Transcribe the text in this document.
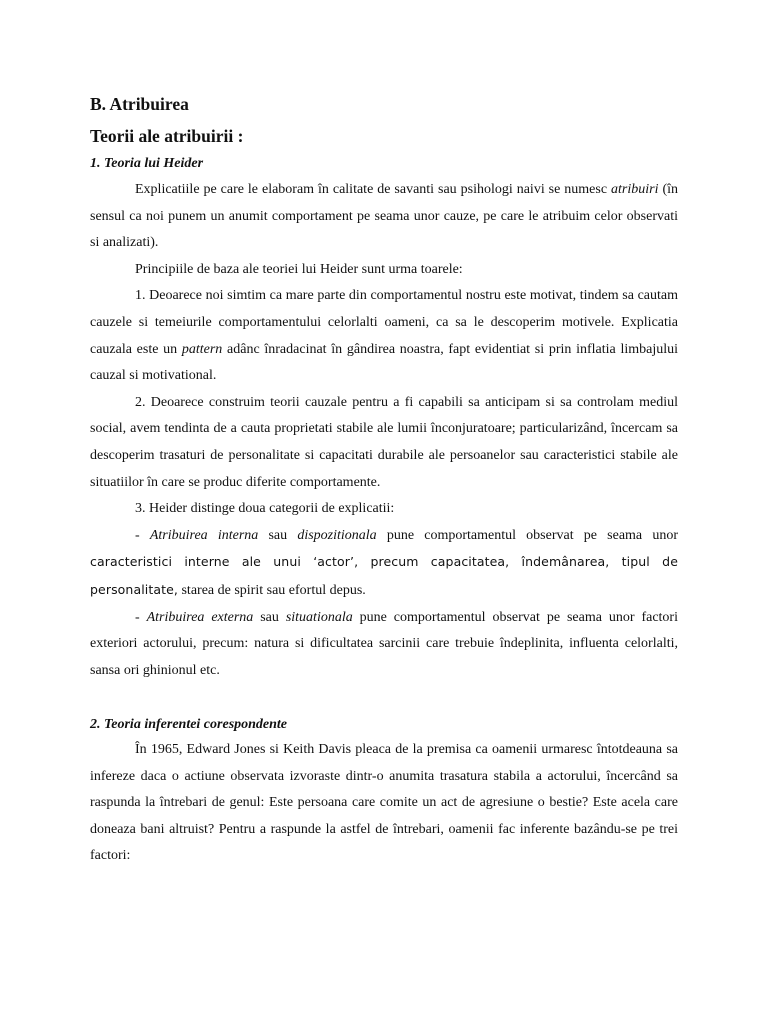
B. Atribuirea
Teorii ale atribuirii :
1. Teoria lui Heider

Explicatiile pe care le elaboram în calitate de savanti sau psihologi naivi se numesc atribuiri (în sensul ca noi punem un anumit comportament pe seama unor cauze, pe care le atribuim celor observati si analizati).

Principiile de baza ale teoriei lui Heider sunt urma toarele:

1. Deoarece noi simtim ca mare parte din comportamentul nostru este motivat, tindem sa cautam cauzele si temeiurile comportamentului celorlalti oameni, ca sa le descoperim motivele. Explicatia cauzala este un pattern adânc înradacinat în gândirea noastra, fapt evidentiat si prin inflatia limbajului cauzal si motivational.

2. Deoarece construim teorii cauzale pentru a fi capabili sa anticipam si sa controlam mediul social, avem tendinta de a cauta proprietati stabile ale lumii înconjuratoare; particularizând, încercam sa descoperim trasaturi de personalitate si capacitati durabile ale persoanelor sau caracteristici stabile ale situatiilor în care se produc diferite comportamente.

3. Heider distinge doua categorii de explicatii:

- Atribuirea interna sau dispozitionala pune comportamentul observat pe seama unor caracteristici interne ale unui ‘actor’, precum capacitatea, îndemânarea, tipul de personalitate, starea de spirit sau efortul depus.

- Atribuirea externa sau situationala pune comportamentul observat pe seama unor factori exteriori actorului, precum: natura si dificultatea sarcinii care trebuie îndeplinita, influenta celorlalti, sansa ori ghinionul etc.

2. Teoria inferentei corespondente

În 1965, Edward Jones si Keith Davis pleaca de la premisa ca oamenii urmaresc întotdeauna sa infereze daca o actiune observata izvoraste dintr-o anumita trasatura stabila a actorului, încercând sa raspunda la întrebari de genul: Este persoana care comite un act de agresiune o bestie? Este acela care doneaza bani altruist? Pentru a raspunde la astfel de întrebari, oamenii fac inferente bazându-se pe trei factori:
